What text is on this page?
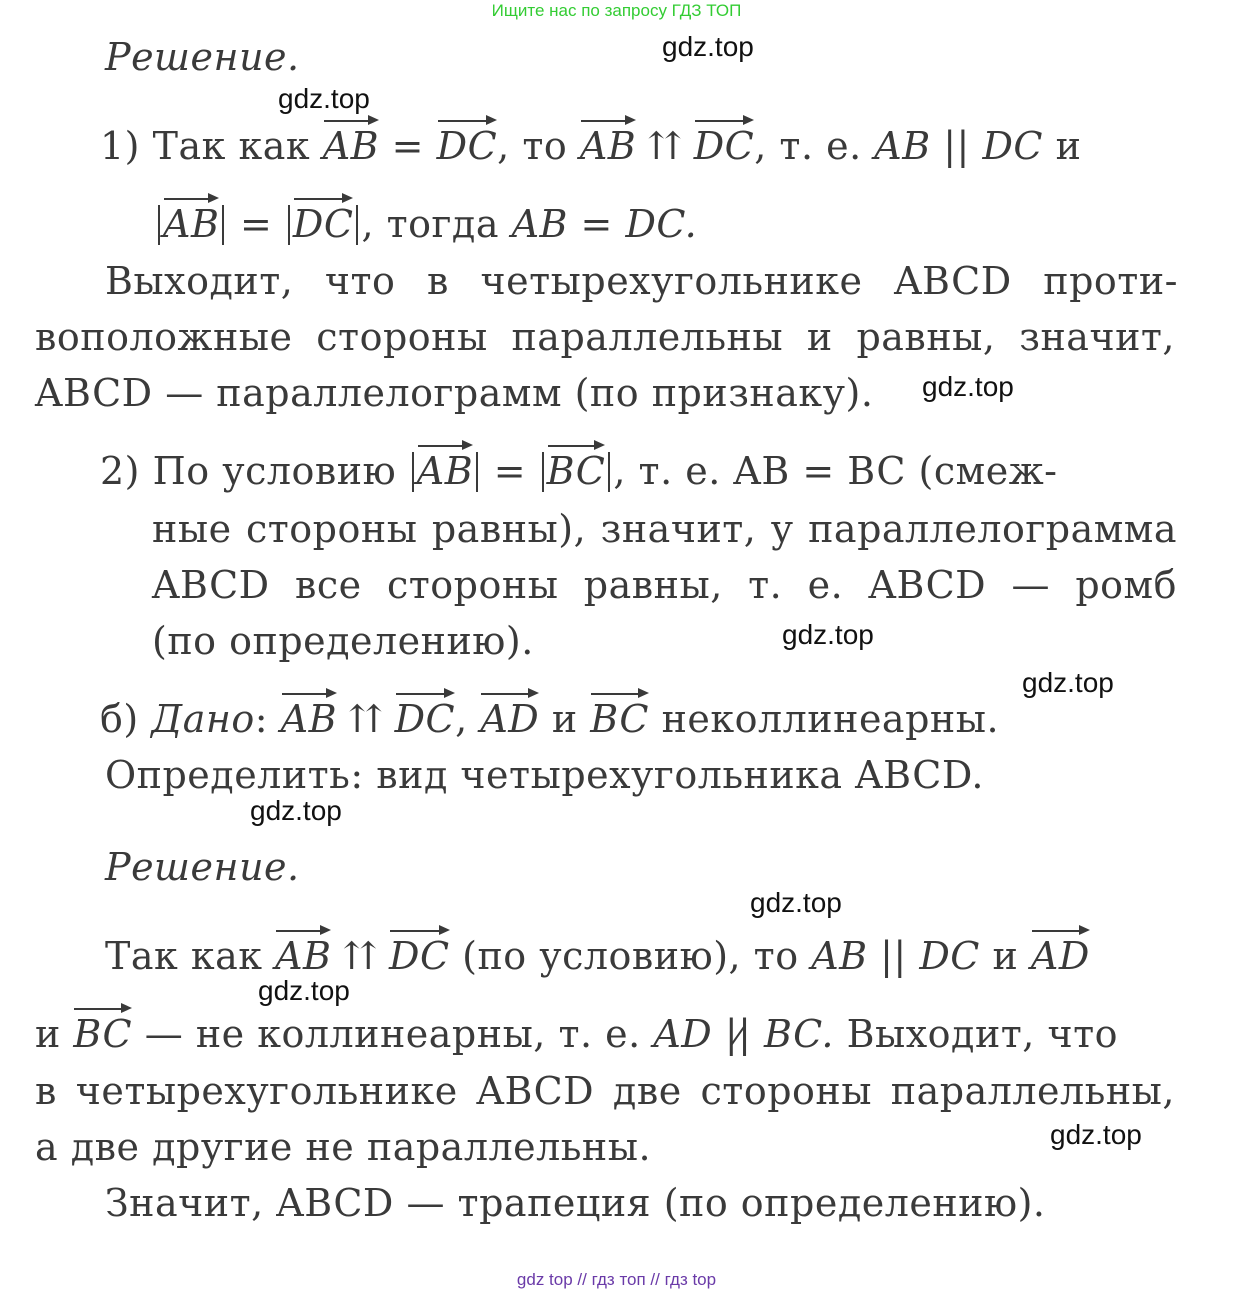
Ищите нас по запросу ГДЗ ТОП
gdz.top
gdz.top
gdz.top
gdz.top
gdz.top
gdz.top
gdz.top
gdz.top
gdz.top
Решение.
1) Так как AB = DC, то AB ⇈ DC, т. е. AB || DC и
AB = DC , тогда AB = DC.
Выходит, что в четырехугольнике ABCD проти-
воположные стороны параллельны и равны, значит,
ABCD — параллелограмм (по признаку).
2) По условию AB = BC , т. е. AB = BC (смеж-
ные стороны равны), значит, у параллелограмма
ABCD все стороны равны, т. е. ABCD — ромб
(по определению).
б) Дано: AB ⇈ DC, AD и BC неколлинеарны.
Определить: вид четырехугольника ABCD.
Решение.
Так как AB ⇈ DC (по условию), то AB || DC и AD
и BC — не коллинеарны, т. е. AD || BC. Выходит, что
в четырехугольнике ABCD две стороны параллельны,
а две другие не параллельны.
Значит, ABCD — трапеция (по определению).
gdz top // гдз топ // гдз top
